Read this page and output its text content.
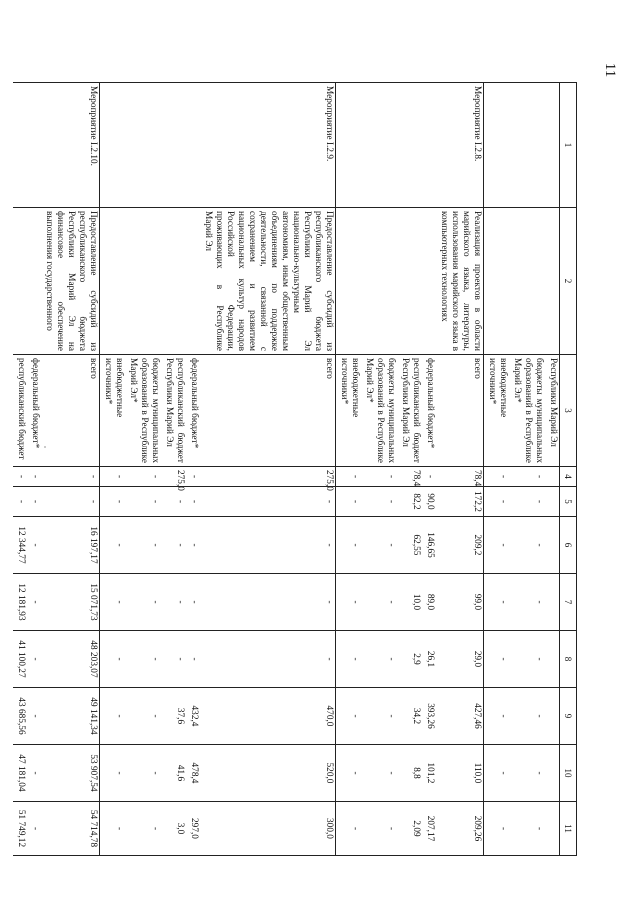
11
1	2	3	4	5	6	7	8	9	10	11
		Республики Марий Эл								
		бюджеты муниципальных образований в Республике Марий Эл*	-	-	-	-	-	-	-	-
		внебюджетные источники*	-	-	-	-	-	-	-	-
Мероприятие I.2.8.	Реализация проектов в области марийского языка, литературы, использования марийского языка в компьютерных технологиях	всего	78,4	172,2	209,2	99,0	29,0	427,46	110,0	209,26
		федеральный бюджет*	-	90,0	146,65	89,0	26,1	393,26	101,2	207,17
		республиканский бюджет Республики Марий Эл	78,4	82,2	62,55	10,0	2,9	34,2	8,8	2,09
		бюджеты муниципальных образований в Республике Марий Эл*	-	-	-	-	-	-	-	-
		внебюджетные источники*	-	-	-	-	-	-	-	-
Мероприятие I.2.9.	Предоставление субсидий из республиканского бюджета Республики Марий Эл национально-культурным автономиям, иным общественным объединениям по поддержке деятельности, связанной с сохранением и развитием национальных культур народов Российской Федерации, проживающих в Республике Марий Эл	всего	275,0	-	-	-	-	470,0	520,0	300,0
		федеральный бюджет*	-	-	-	-	-	432,4	478,4	297,0
		республиканский бюджет Республики Марий Эл	275,0	-	-	-	-	37,6	41,6	3,0
		бюджеты муниципальных образований в Республике Марий Эл*	-	-	-	-	-	-	-	-
		внебюджетные источники*	-	-	-	-	-	-	-	-
Мероприятие I.2.10.	Предоставление субсидий из республиканского бюджета Республики Марий Эл на финансовое обеспечение выполнения государственного	всего	-	-	16 197,17	15 071,73	48 203,07	49 141,34	53 907,54	54 714,78
		федеральный бюджет*	-	-	-	-	-	-	-	-
		республиканский бюджет	-	-	12 344,77	12 181,93	41 100,27	43 685,56	47 181,04	51 749,12
